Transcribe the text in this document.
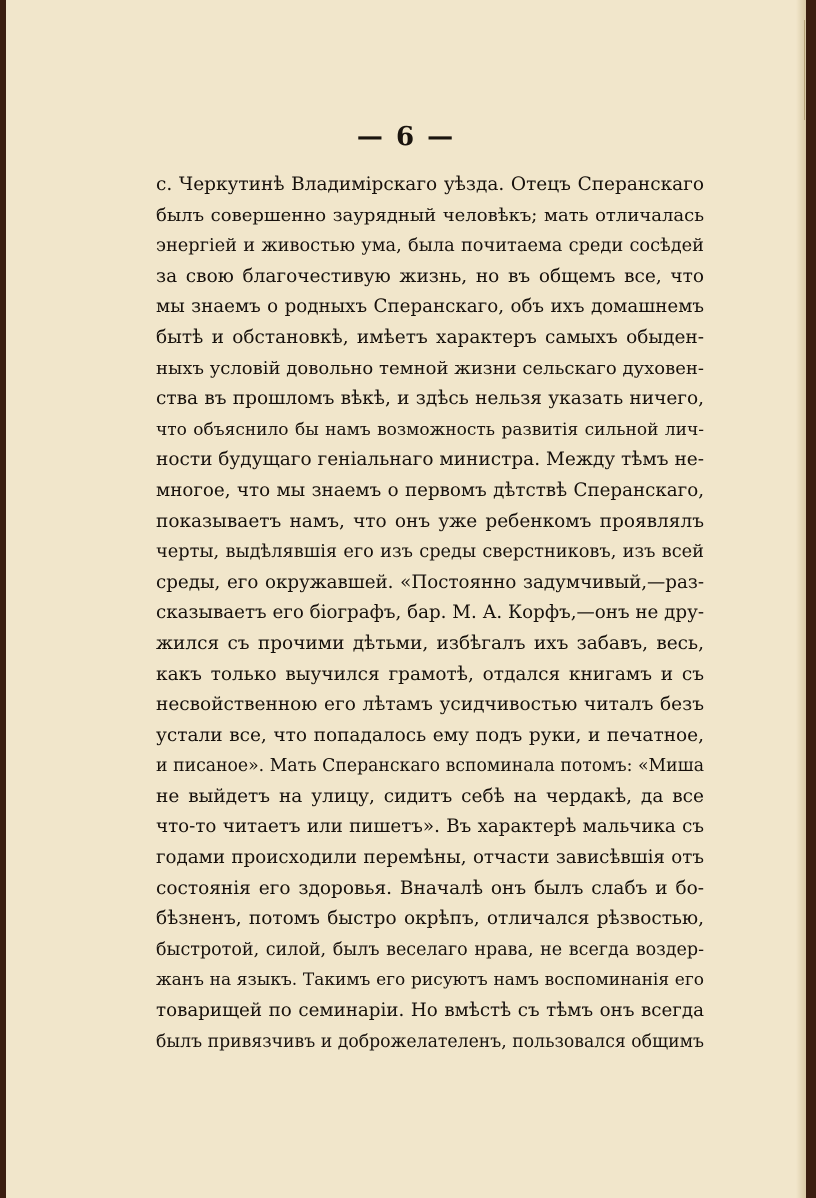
— 6 —
с. Черкутинѣ Владимірскаго уѣзда. Отецъ Сперанскаго
былъ совершенно заурядный человѣкъ; мать отличалась
энергіей и живостью ума, была почитаема среди сосѣдей
за свою благочестивую жизнь, но въ общемъ все, что
мы знаемъ о родныхъ Сперанскаго, объ ихъ домашнемъ
бытѣ и обстановкѣ, имѣетъ характеръ самыхъ обыден-
ныхъ условій довольно темной жизни сельскаго духовен-
ства въ прошломъ вѣкѣ, и здѣсь нельзя указать ничего,
что объяснило бы намъ возможность развитія сильной лич-
ности будущаго геніальнаго министра. Между тѣмъ не-
многое, что мы знаемъ о первомъ дѣтствѣ Сперанскаго,
показываетъ намъ, что онъ уже ребенкомъ проявлялъ
черты, выдѣлявшія его изъ среды сверстниковъ, изъ всей
среды, его окружавшей. «Постоянно задумчивый,—раз-
сказываетъ его біографъ, бар. М. А. Корфъ,—онъ не дру-
жился съ прочими дѣтьми, избѣгалъ ихъ забавъ, весь,
какъ только выучился грамотѣ, отдался книгамъ и съ
несвойственною его лѣтамъ усидчивостью читалъ безъ
устали все, что попадалось ему подъ руки, и печатное,
и писаное». Мать Сперанскаго вспоминала потомъ: «Миша
не выйдетъ на улицу, сидитъ себѣ на чердакѣ, да все
что-то читаетъ или пишетъ». Въ характерѣ мальчика съ
годами происходили перемѣны, отчасти зависѣвшія отъ
состоянія его здоровья. Вначалѣ онъ былъ слабъ и бо-
бѣзненъ, потомъ быстро окрѣпъ, отличался рѣзвостью,
быстротой, силой, былъ веселаго нрава, не всегда воздер-
жанъ на языкъ. Такимъ его рисуютъ намъ воспоминанія его
товарищей по семинаріи. Но вмѣстѣ съ тѣмъ онъ всегда
былъ привязчивъ и доброжелателенъ, пользовался общимъ
